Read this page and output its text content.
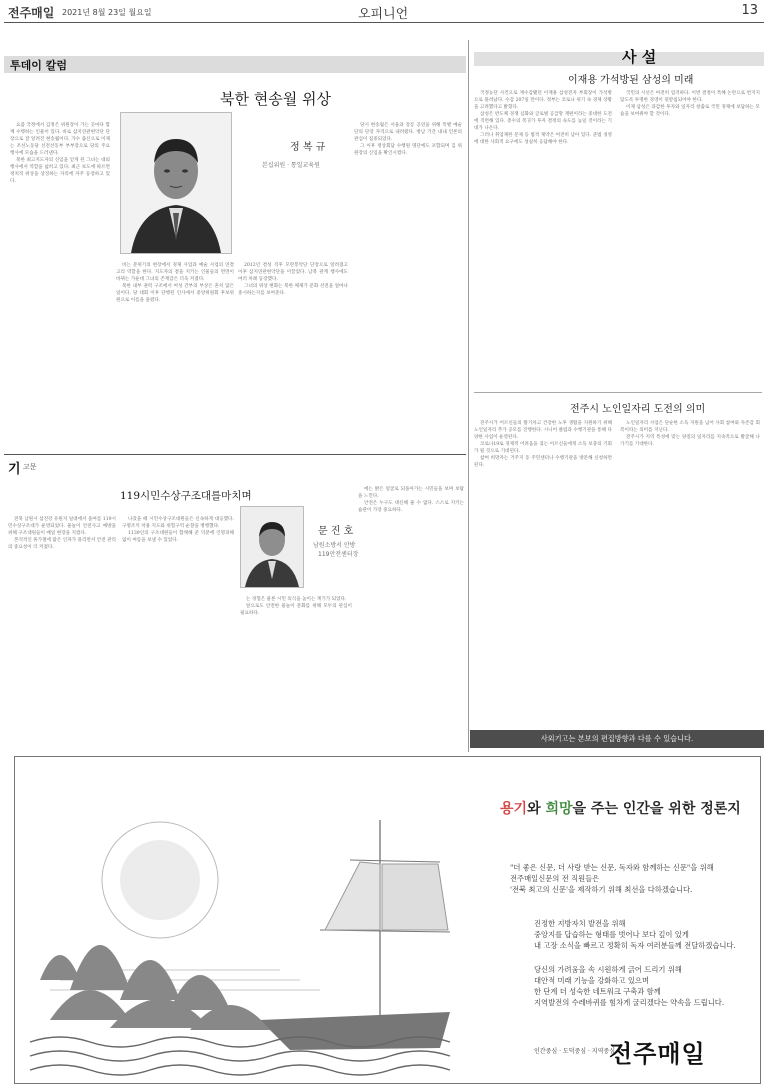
전주매일 2021년 8월 23일 월요일	오피니언	13
투데이 칼럼
북한 현송월 위상

요즘 국정에서 김정은 위원장이 가는 곳마다 함께 수행하는 인물이 있다. 바로 삼지연관현악단 단장으로 잘 알려진 현송월이다. 가수 출신으로 이제는 조선노동당 선전선동부 부부장으로 당의 주요 행사에 모습을 드러낸다.

북한 최고지도자의 신임을 얻게 된 그녀는 대외 행사에서 역할을 넓히고 있다. 최근 보도에 따르면 정치적 위상을 상징하는 자리에 자주 등장하고 있다.

정 복 규
본십위원 · 통일교육원

비는 분위기의 현장에서 경제 사업과 예술 사업의 연결고리 역할을 한다. 지도자의 곁을 지키는 인물들의 면면이 바뀌는 가운데 그녀의 존재감은 더욱 커졌다.

북한 내부 권력 구조에서 여성 간부의 부상은 흔치 않은 일이다. 당 대회 이후 단행된 인사에서 중앙위원회 후보위원으로 이름을 올렸다.

2012년 결성 직후 모란봉악단 단장으로 알려졌고 이후 삼지연관현악단을 이끌었다. 남북 관계 행사에도 여러 차례 등장했다.

그녀의 위상 변화는 북한 체제가 문화 선전을 얼마나 중시하는지를 보여준다.

당시 현송월은 서울과 강릉 공연을 위해 특별 예술단의 단장 자격으로 내려왔다. 방남 기간 내내 언론의 관심이 집중되었다.

그 이후 정상회담 수행원 명단에도 포함되며 김 위원장의 신임을 확인시켰다.

사 설
이재용 가석방된 삼성의 미래

국정농단 사건으로 재수감됐던 이재용 삼성전자 부회장이 가석방으로 풀려났다. 수감 207일 만이다. 정부는 코로나 위기 속 경제 상황을 고려했다고 밝혔다.

삼성은 반도체 경쟁 심화와 글로벌 공급망 재편이라는 중대한 도전에 직면해 있다. 총수의 복귀가 투자 결정의 속도를 높일 것이라는 기대가 나온다.

그러나 취업제한 문제 등 법적 제약은 여전히 남아 있다. 준법 경영에 대한 사회적 요구에도 성실히 응답해야 한다.

국민의 시선은 여전히 엄격하다. 이번 결정이 특혜 논란으로 번지지 않도록 투명한 경영이 뒷받침되어야 한다.

이제 삼성은 과감한 투자와 일자리 창출로 국민 경제에 보답하는 모습을 보여줘야 할 것이다.

전주시 노인일자리 도전의 의미

전주시가 어르신들의 활기차고 건강한 노후 생활을 지원하기 위해 노인일자리 추가 공모를 진행한다. 시니어 클럽과 수행기관을 통해 다양한 사업이 운영된다.

코로나19로 경제적 어려움을 겪는 어르신들에게 소득 보충의 기회가 될 것으로 기대된다.

참여 희망자는 거주지 동 주민센터나 수행기관을 방문해 신청하면 된다.

노인일자리 사업은 단순한 소득 지원을 넘어 사회 참여와 자존감 회복이라는 의미를 지닌다.

전주시가 지역 특성에 맞는 양질의 일자리를 지속적으로 발굴해 나가기를 기대한다.

기 고문
119시민수상구조대를마치며

전북 남원시 섬진강 유원지 일대에서 올여름 119시민수상구조대가 운영되었다. 물놀이 안전사고 예방을 위해 구조대원들이 매일 현장을 지켰다.

본격적인 휴가철에 많은 인파가 몰리면서 안전 관리의 중요성이 더 커졌다.

나갔을 때 시민수상구조대원들은 신속하게 대응했다. 구명조끼 착용 지도와 위험구역 순찰을 병행했다.

1139인의 구조대원들이 함께해 준 덕분에 인명피해 없이 여름을 보낼 수 있었다.

문 진 호
남원소방서 안방
119안전센터장

는 경험은 물론 시민 의식을 높이는 계기가 되었다.

앞으로도 안전한 물놀이 문화를 위해 모두의 관심이 필요하다.

에는 밝은 얼굴로 되돌아가는 시민들을 보며 보람을 느낀다.

안전은 누구도 대신해 줄 수 없다. 스스로 지키는 습관이 가장 중요하다.

사외기고는 본보의 편집방향과 다를 수 있습니다.
용기와 희망을 주는 인간을 위한 정론지

"더 좋은 신문, 더 사랑 받는 신문, 독자와 함께하는 신문"을 위해

전주매일신문의 전 직원들은

'전북 최고의 신문'을 제작하기 위해 최선을 다하겠습니다.

진정한 지방자치 발전을 위해

중앙지를 답습하는 형태를 벗어나 보다 깊이 있게

내 고장 소식을 빠르고 정확히 독자 여러분들께 전달하겠습니다.

당신의 가려움을 속 시원하게 긁어 드리기 위해

대안적 미래 기능을 강화하고 있으며

한 단계 더 성숙한 네트워크 구축과 함께

지역발전의 수레바퀴를 힘차게 굴리겠다는 약속을 드립니다.

인간중심 · 도덕중심 · 지역중심
전주매일
